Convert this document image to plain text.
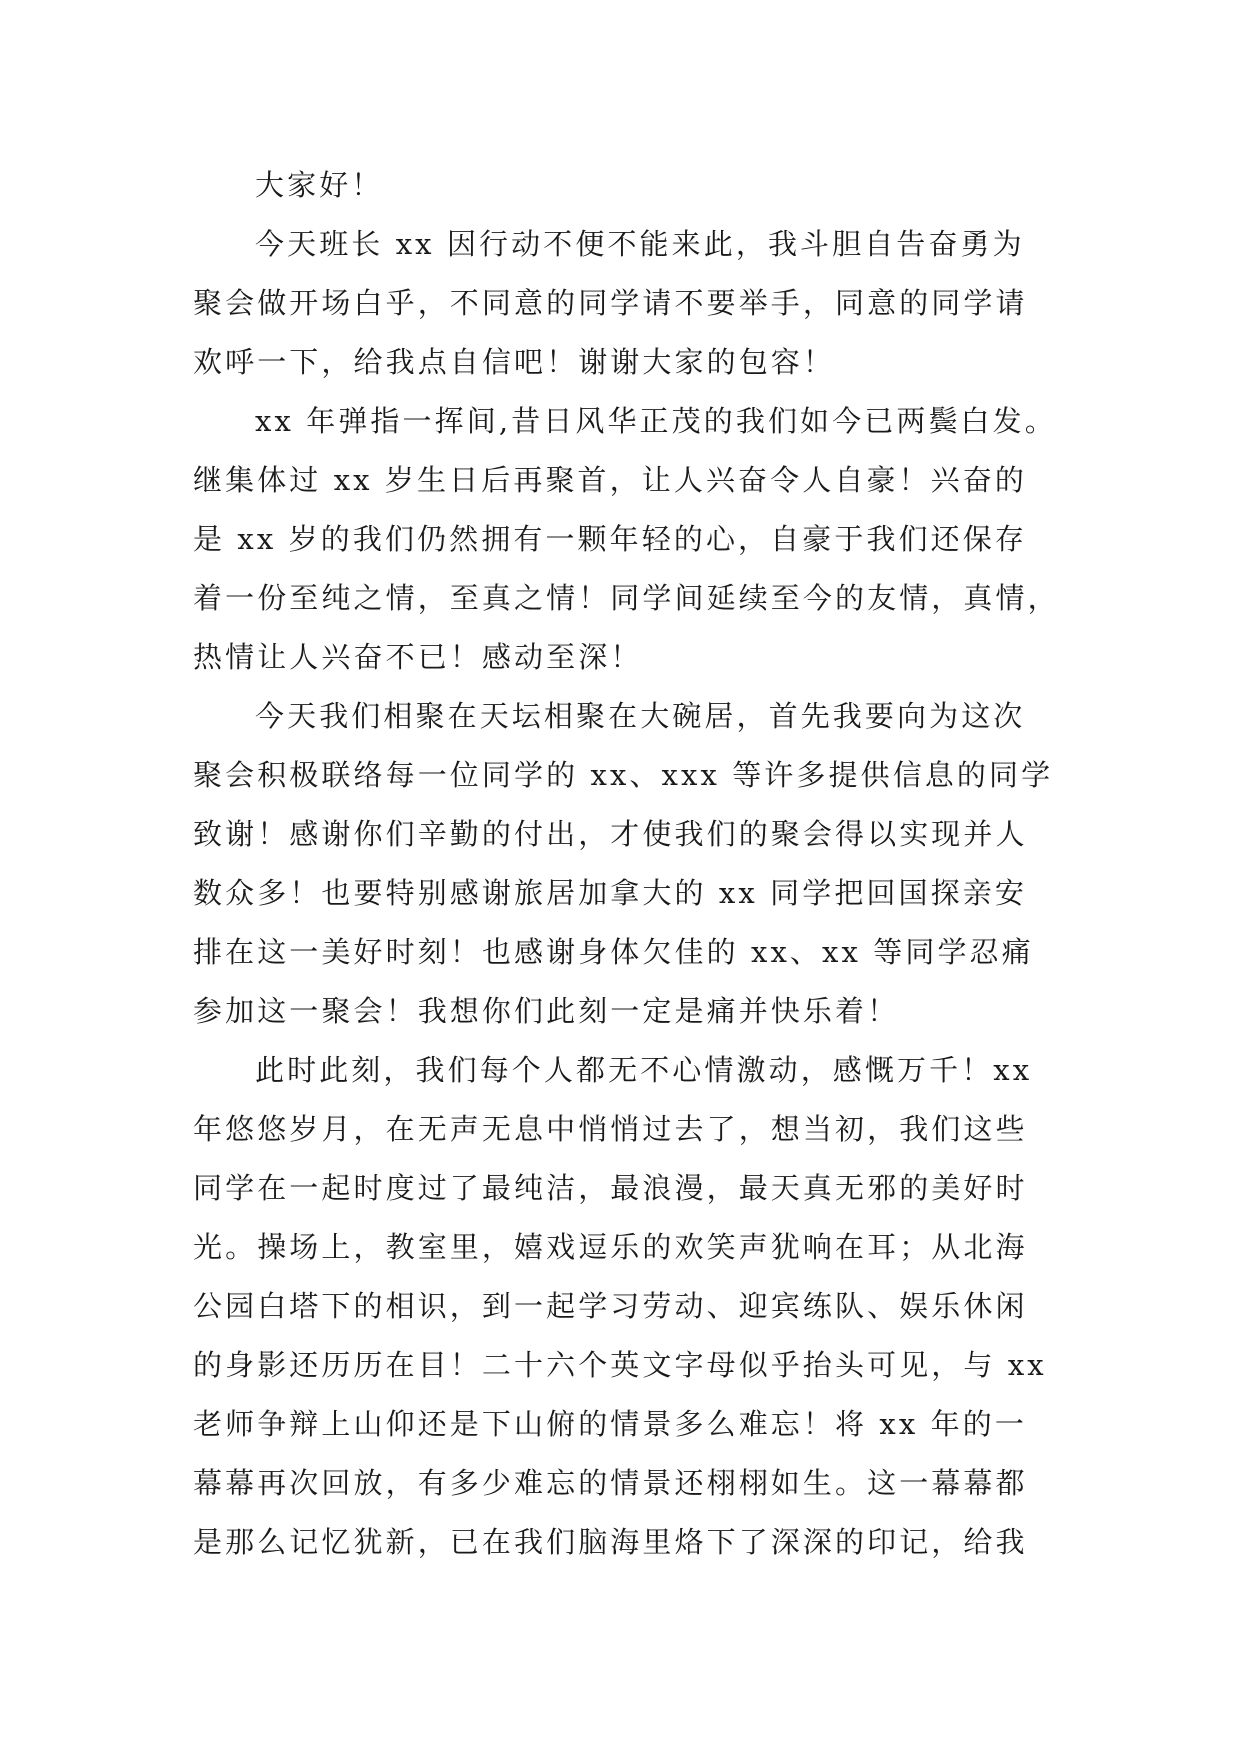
大家好！

今天班长 xx 因行动不便不能来此，我斗胆自告奋勇为
聚会做开场白乎，不同意的同学请不要举手，同意的同学请
欢呼一下，给我点自信吧！谢谢大家的包容！

xx 年弹指一挥间,昔日风华正茂的我们如今已两鬓白发。
继集体过 xx 岁生日后再聚首，让人兴奋令人自豪！兴奋的
是 xx 岁的我们仍然拥有一颗年轻的心，自豪于我们还保存
着一份至纯之情，至真之情！同学间延续至今的友情，真情，
热情让人兴奋不已！感动至深！

今天我们相聚在天坛相聚在大碗居，首先我要向为这次
聚会积极联络每一位同学的 xx、xxx 等许多提供信息的同学
致谢！感谢你们辛勤的付出，才使我们的聚会得以实现并人
数众多！也要特别感谢旅居加拿大的 xx 同学把回国探亲安
排在这一美好时刻！也感谢身体欠佳的 xx、xx 等同学忍痛
参加这一聚会！我想你们此刻一定是痛并快乐着！

此时此刻，我们每个人都无不心情激动，感慨万千！xx
年悠悠岁月，在无声无息中悄悄过去了，想当初，我们这些
同学在一起时度过了最纯洁，最浪漫，最天真无邪的美好时
光。操场上，教室里，嬉戏逗乐的欢笑声犹响在耳；从北海
公园白塔下的相识，到一起学习劳动、迎宾练队、娱乐休闲
的身影还历历在目！二十六个英文字母似乎抬头可见，与 xx
老师争辩上山仰还是下山俯的情景多么难忘！将 xx 年的一
幕幕再次回放，有多少难忘的情景还栩栩如生。这一幕幕都
是那么记忆犹新，已在我们脑海里烙下了深深的印记，给我
